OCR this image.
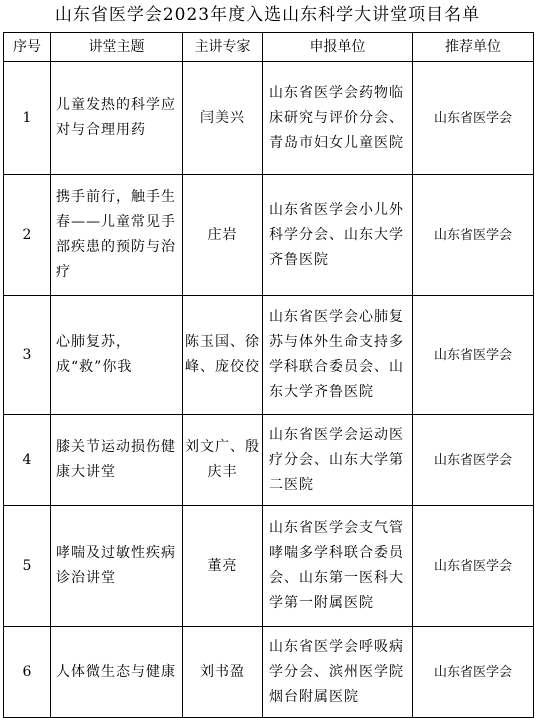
山东省医学会2023年度入选山东科学大讲堂项目名单
序号	讲堂主题	主讲专家	申报单位	推荐单位
1	儿童发热的科学应对与合理用药	闫美兴	山东省医学会药物临床研究与评价分会、青岛市妇女儿童医院	山东省医学会
2	携手前行，触手生春——儿童常见手部疾患的预防与治疗	庄岩	山东省医学会小儿外科学分会、山东大学齐鲁医院	山东省医学会
3	心肺复苏，成“救”你我	陈玉国、徐峰、庞佼佼	山东省医学会心肺复苏与体外生命支持多学科联合委员会、山东大学齐鲁医院	山东省医学会
4	膝关节运动损伤健康大讲堂	刘文广、殷庆丰	山东省医学会运动医疗分会、山东大学第二医院	山东省医学会
5	哮喘及过敏性疾病诊治讲堂	董亮	山东省医学会支气管哮喘多学科联合委员会、山东第一医科大学第一附属医院	山东省医学会
6	人体微生态与健康	刘书盈	山东省医学会呼吸病学分会、滨州医学院烟台附属医院	山东省医学会
